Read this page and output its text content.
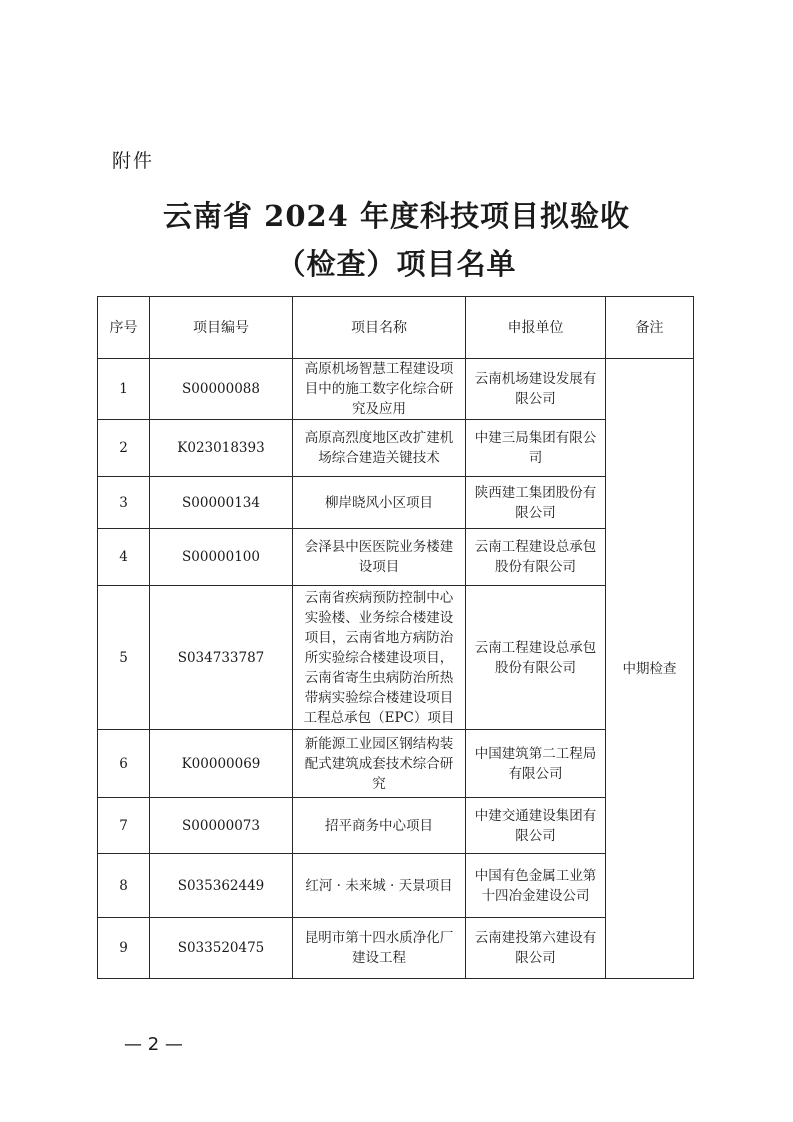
附件
云南省 2024 年度科技项目拟验收
（检查）项目名单
序号	项目编号	项目名称	申报单位	备注
1	S00000088	高原机场智慧工程建设项目中的施工数字化综合研究及应用	云南机场建设发展有限公司	中期检查
2	K023018393	高原高烈度地区改扩建机场综合建造关键技术	中建三局集团有限公司	
3	S00000134	柳岸晓风小区项目	陕西建工集团股份有限公司	
4	S00000100	会泽县中医医院业务楼建设项目	云南工程建设总承包股份有限公司	
5	S034733787	云南省疾病预防控制中心实验楼、业务综合楼建设项目，云南省地方病防治所实验综合楼建设项目，云南省寄生虫病防治所热带病实验综合楼建设项目工程总承包（EPC）项目	云南工程建设总承包股份有限公司	
6	K00000069	新能源工业园区钢结构装配式建筑成套技术综合研究	中国建筑第二工程局有限公司	
7	S00000073	招平商务中心项目	中建交通建设集团有限公司	
8	S035362449	红河 · 未来城 · 天景项目	中国有色金属工业第十四冶金建设公司	
9	S033520475	昆明市第十四水质净化厂建设工程	云南建投第六建设有限公司	
— 2 —
